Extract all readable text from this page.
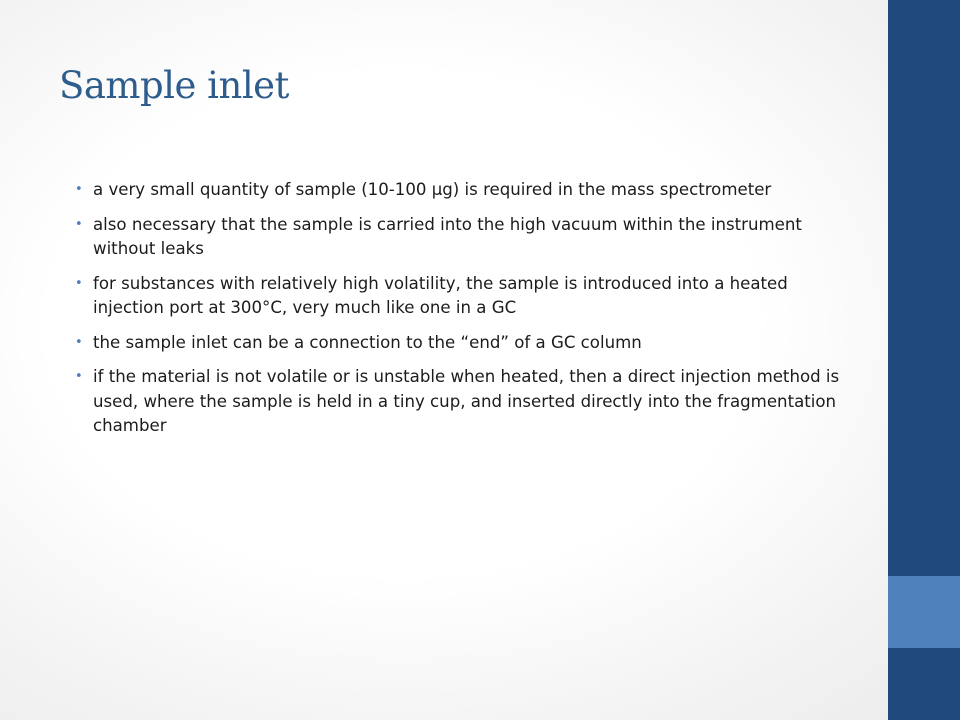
Sample inlet
• a very small quantity of sample (10-100 μg) is required in the mass spectrometer
• also necessary that the sample is carried into the high vacuum within the instrument without leaks
• for substances with relatively high volatility, the sample is introduced into a heated injection port at 300°C, very much like one in a GC
• the sample inlet can be a connection to the “end” of a GC column
• if the material is not volatile or is unstable when heated, then a direct injection method is used, where the sample is held in a tiny cup, and inserted directly into the fragmentation chamber
